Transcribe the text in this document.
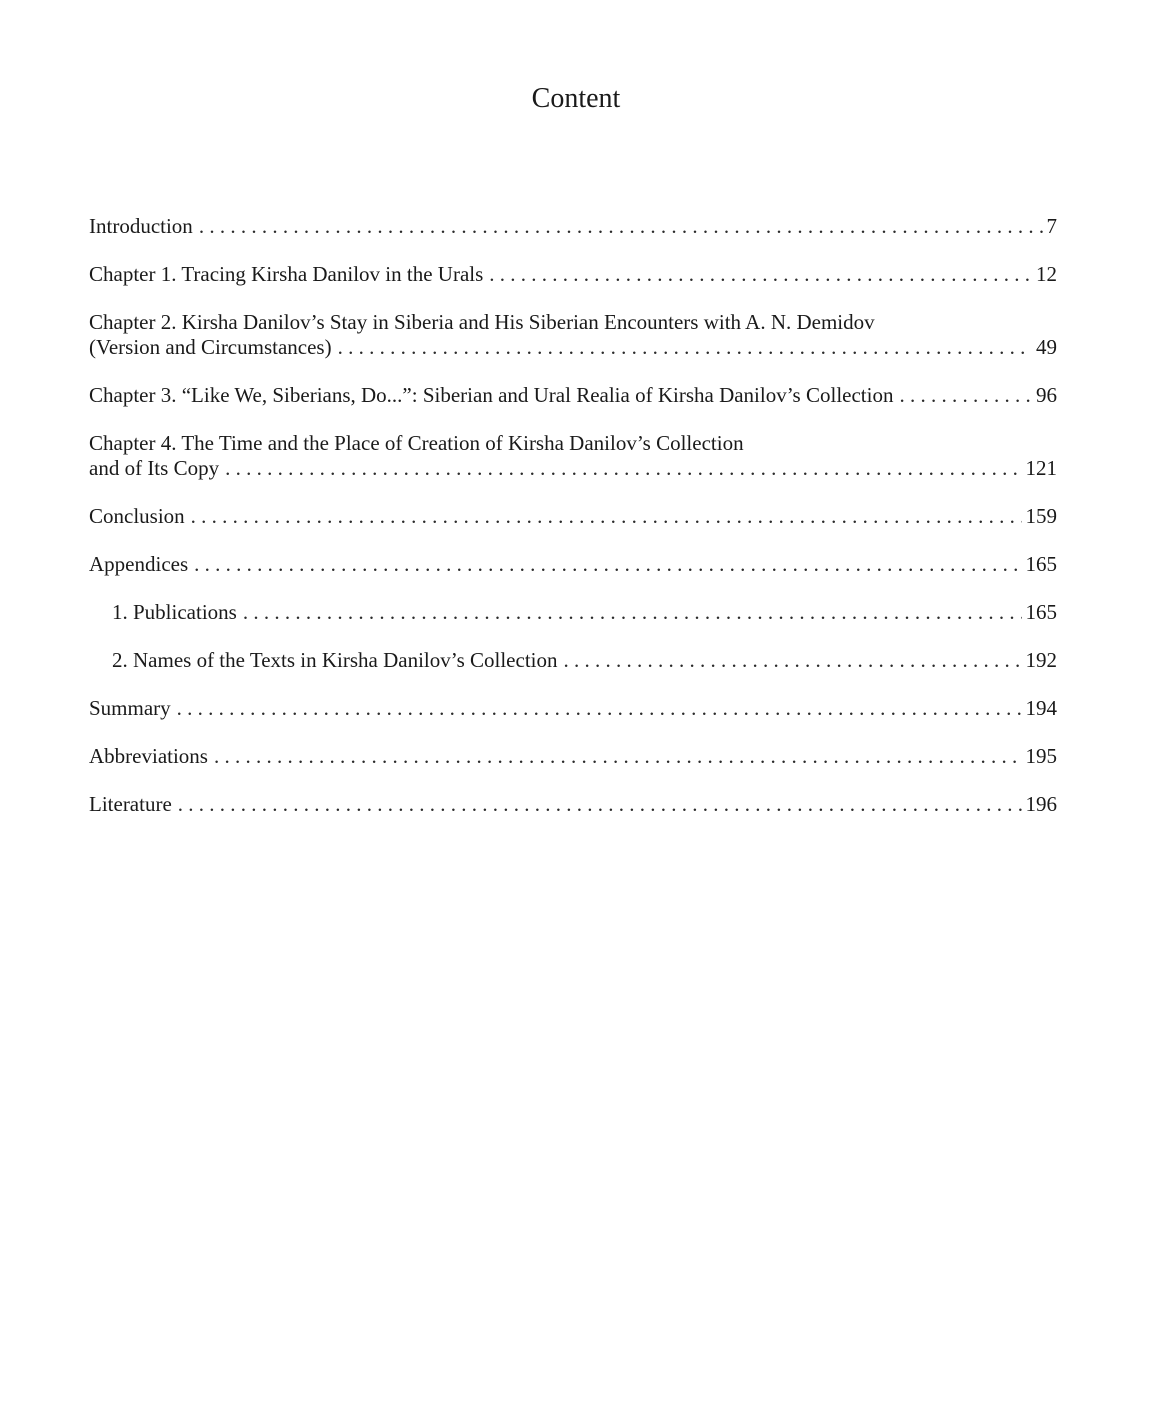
Content
Introduction . . .	7
Chapter 1. Tracing Kirsha Danilov in the Urals . . .	12
Chapter 2. Kirsha Danilov’s Stay in Siberia and His Siberian Encounters with A. N. Demidov
(Version and Circumstances) . . .	49
Chapter 3. “Like We, Siberians, Do...”: Siberian and Ural Realia of Kirsha Danilov’s Collection . . .	96
Chapter 4. The Time and the Place of Creation of Kirsha Danilov’s Collection
and of Its Copy . . .	121
Conclusion . . .	159
Appendices . . .	165
1. Publications . . .	165
2. Names of the Texts in Kirsha Danilov’s Collection . . .	192
Summary . . .	194
Abbreviations . . .	195
Literature . . .	196
